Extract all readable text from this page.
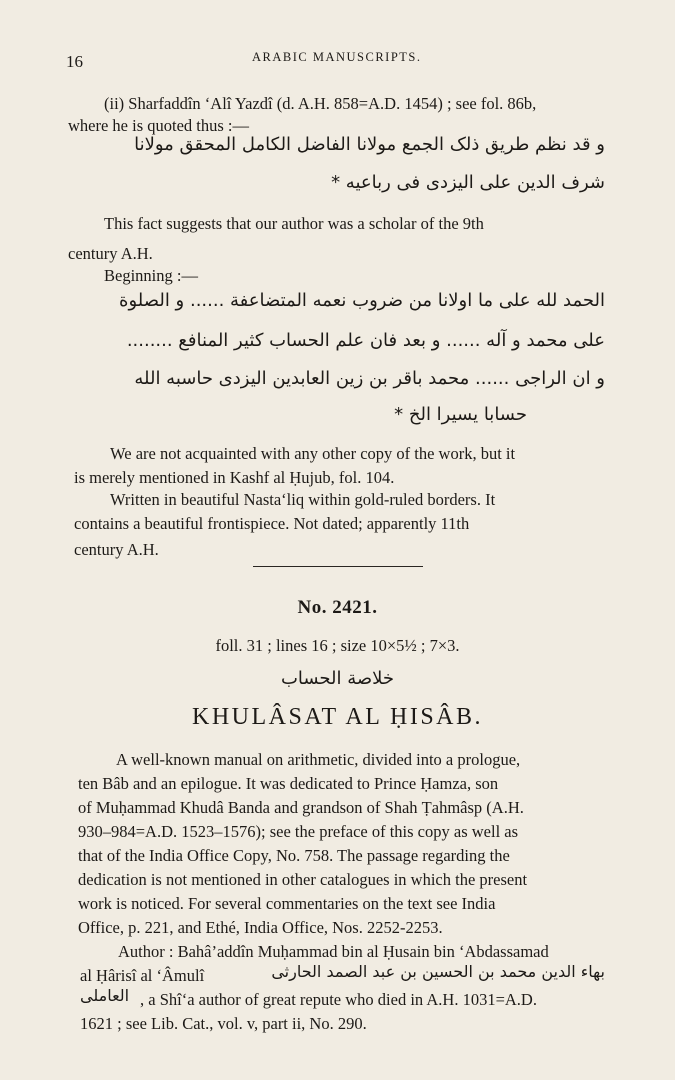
16	ARABIC MANUSCRIPTS.
(ii) Sharfaddîn ‘Alî Yazdî (d. A.H. 858=A.D. 1454) ; see fol. 86b,
where he is quoted thus :—
و قد نظم طریق ذلک الجمع مولانا الفاضل الکامل المحقق مولانا
شرف الدین علی الیزدی فی رباعیه *
This fact suggests that our author was a scholar of the 9th
century A.H.
Beginning :—
الحمد لله علی ما اولانا من ضروب نعمه المتضاعفة ...... و الصلوة
علی محمد و آله ...... و بعد فان علم الحساب کثیر المنافع ........
و ان الراجی ...... محمد باقر بن زین العابدین الیزدی حاسبه الله
حسابا یسیرا الخ *
We are not acquainted with any other copy of the work, but it
is merely mentioned in Kashf al Ḥujub, fol. 104.
Written in beautiful Nasta‘liq within gold-ruled borders. It
contains a beautiful frontispiece. Not dated; apparently 11th
century A.H.
No. 2421.
foll. 31 ; lines 16 ; size 10×5½ ; 7×3.
خلاصة الحساب
KHULÂSAT AL ḤISÂB.
A well-known manual on arithmetic, divided into a prologue,
ten Bâb and an epilogue. It was dedicated to Prince Ḥamza, son
of Muḥammad Khudâ Banda and grandson of Shah Ṭahmâsp (A.H.
930–984=A.D. 1523–1576); see the preface of this copy as well as
that of the India Office Copy, No. 758. The passage regarding the
dedication is not mentioned in other catalogues in which the present
work is noticed. For several commentaries on the text see India
Office, p. 221, and Ethé, India Office, Nos. 2252-2253.
Author : Bahâ’addîn Muḥammad bin al Ḥusain bin ‘Abdassamad
al Ḥârisî al ‘Âmulî	بهاء الدین محمد بن الحسین بن عبد الصمد الحارثی
العاملی , a Shî‘a author of great repute who died in A.H. 1031=A.D.
1621 ; see Lib. Cat., vol. v, part ii, No. 290.
